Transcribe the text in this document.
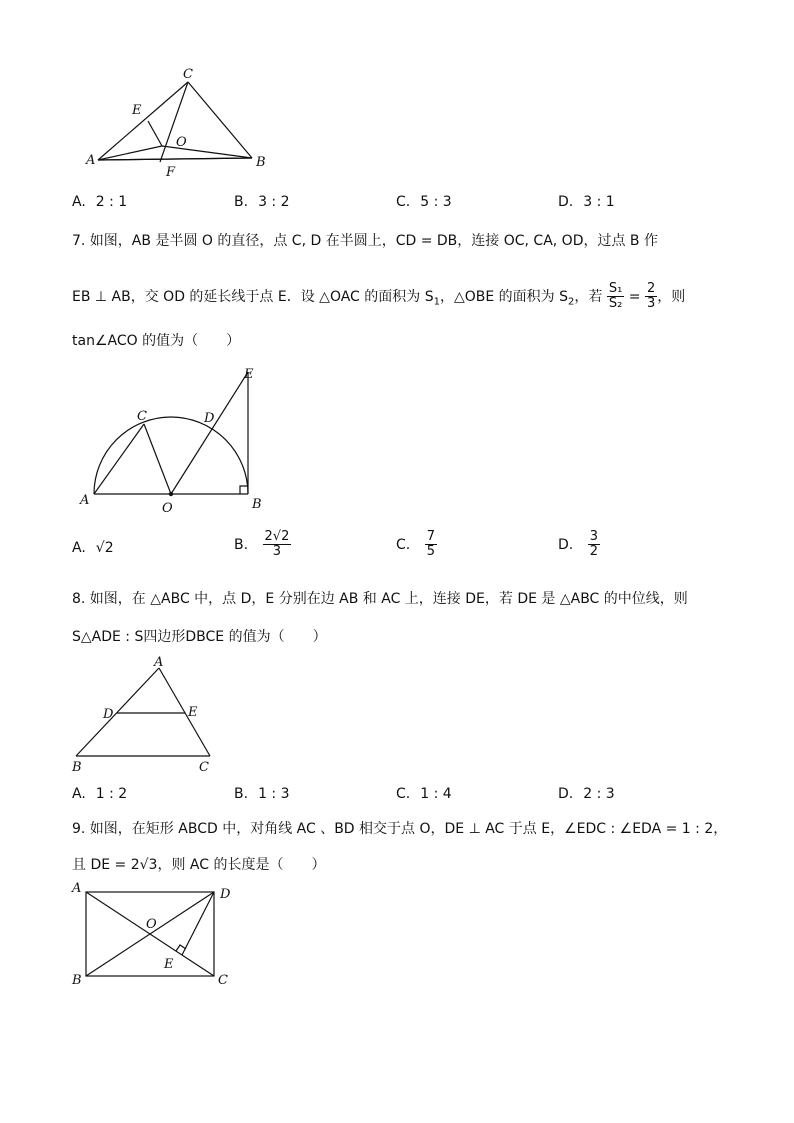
C
E
O
A
F
B
A. 2 : 1	B. 3 : 2	C. 5 : 3	D. 3 : 1
7. 如图，AB 是半圆 O 的直径，点 C, D 在半圆上，CD = DB，连接 OC, CA, OD，过点 B 作
EB ⊥ AB，交 OD 的延长线于点 E．设 △OAC 的面积为 $S_1$，△OBE 的面积为 $S_2$，若 $\frac{\text{S₁}}{\text{S₂}} = \frac{2}{3}$ ，则
tan∠ACO 的值为（　　）
E
C	D
A
O	B
A. √2	B. $\frac{2√2}{3}$	C. $\frac{7}{5}$	D. $\frac{3}{2}$
8. 如图，在 △ABC 中，点 D，E 分别在边 AB 和 AC 上，连接 DE，若 DE 是 △ABC 的中位线，则
S△ADE : S四边形DBCE 的值为（　　）
A
D	E
B	C
A. 1 : 2	B. 1 : 3	C. 1 : 4	D. 2 : 3
9. 如图，在矩形 ABCD 中，对角线 AC 、BD 相交于点 O，DE ⊥ AC 于点 E，∠EDC : ∠EDA = 1 : 2，
且 DE = 2√3，则 AC 的长度是（　　）
A	D
O
E
B	C
